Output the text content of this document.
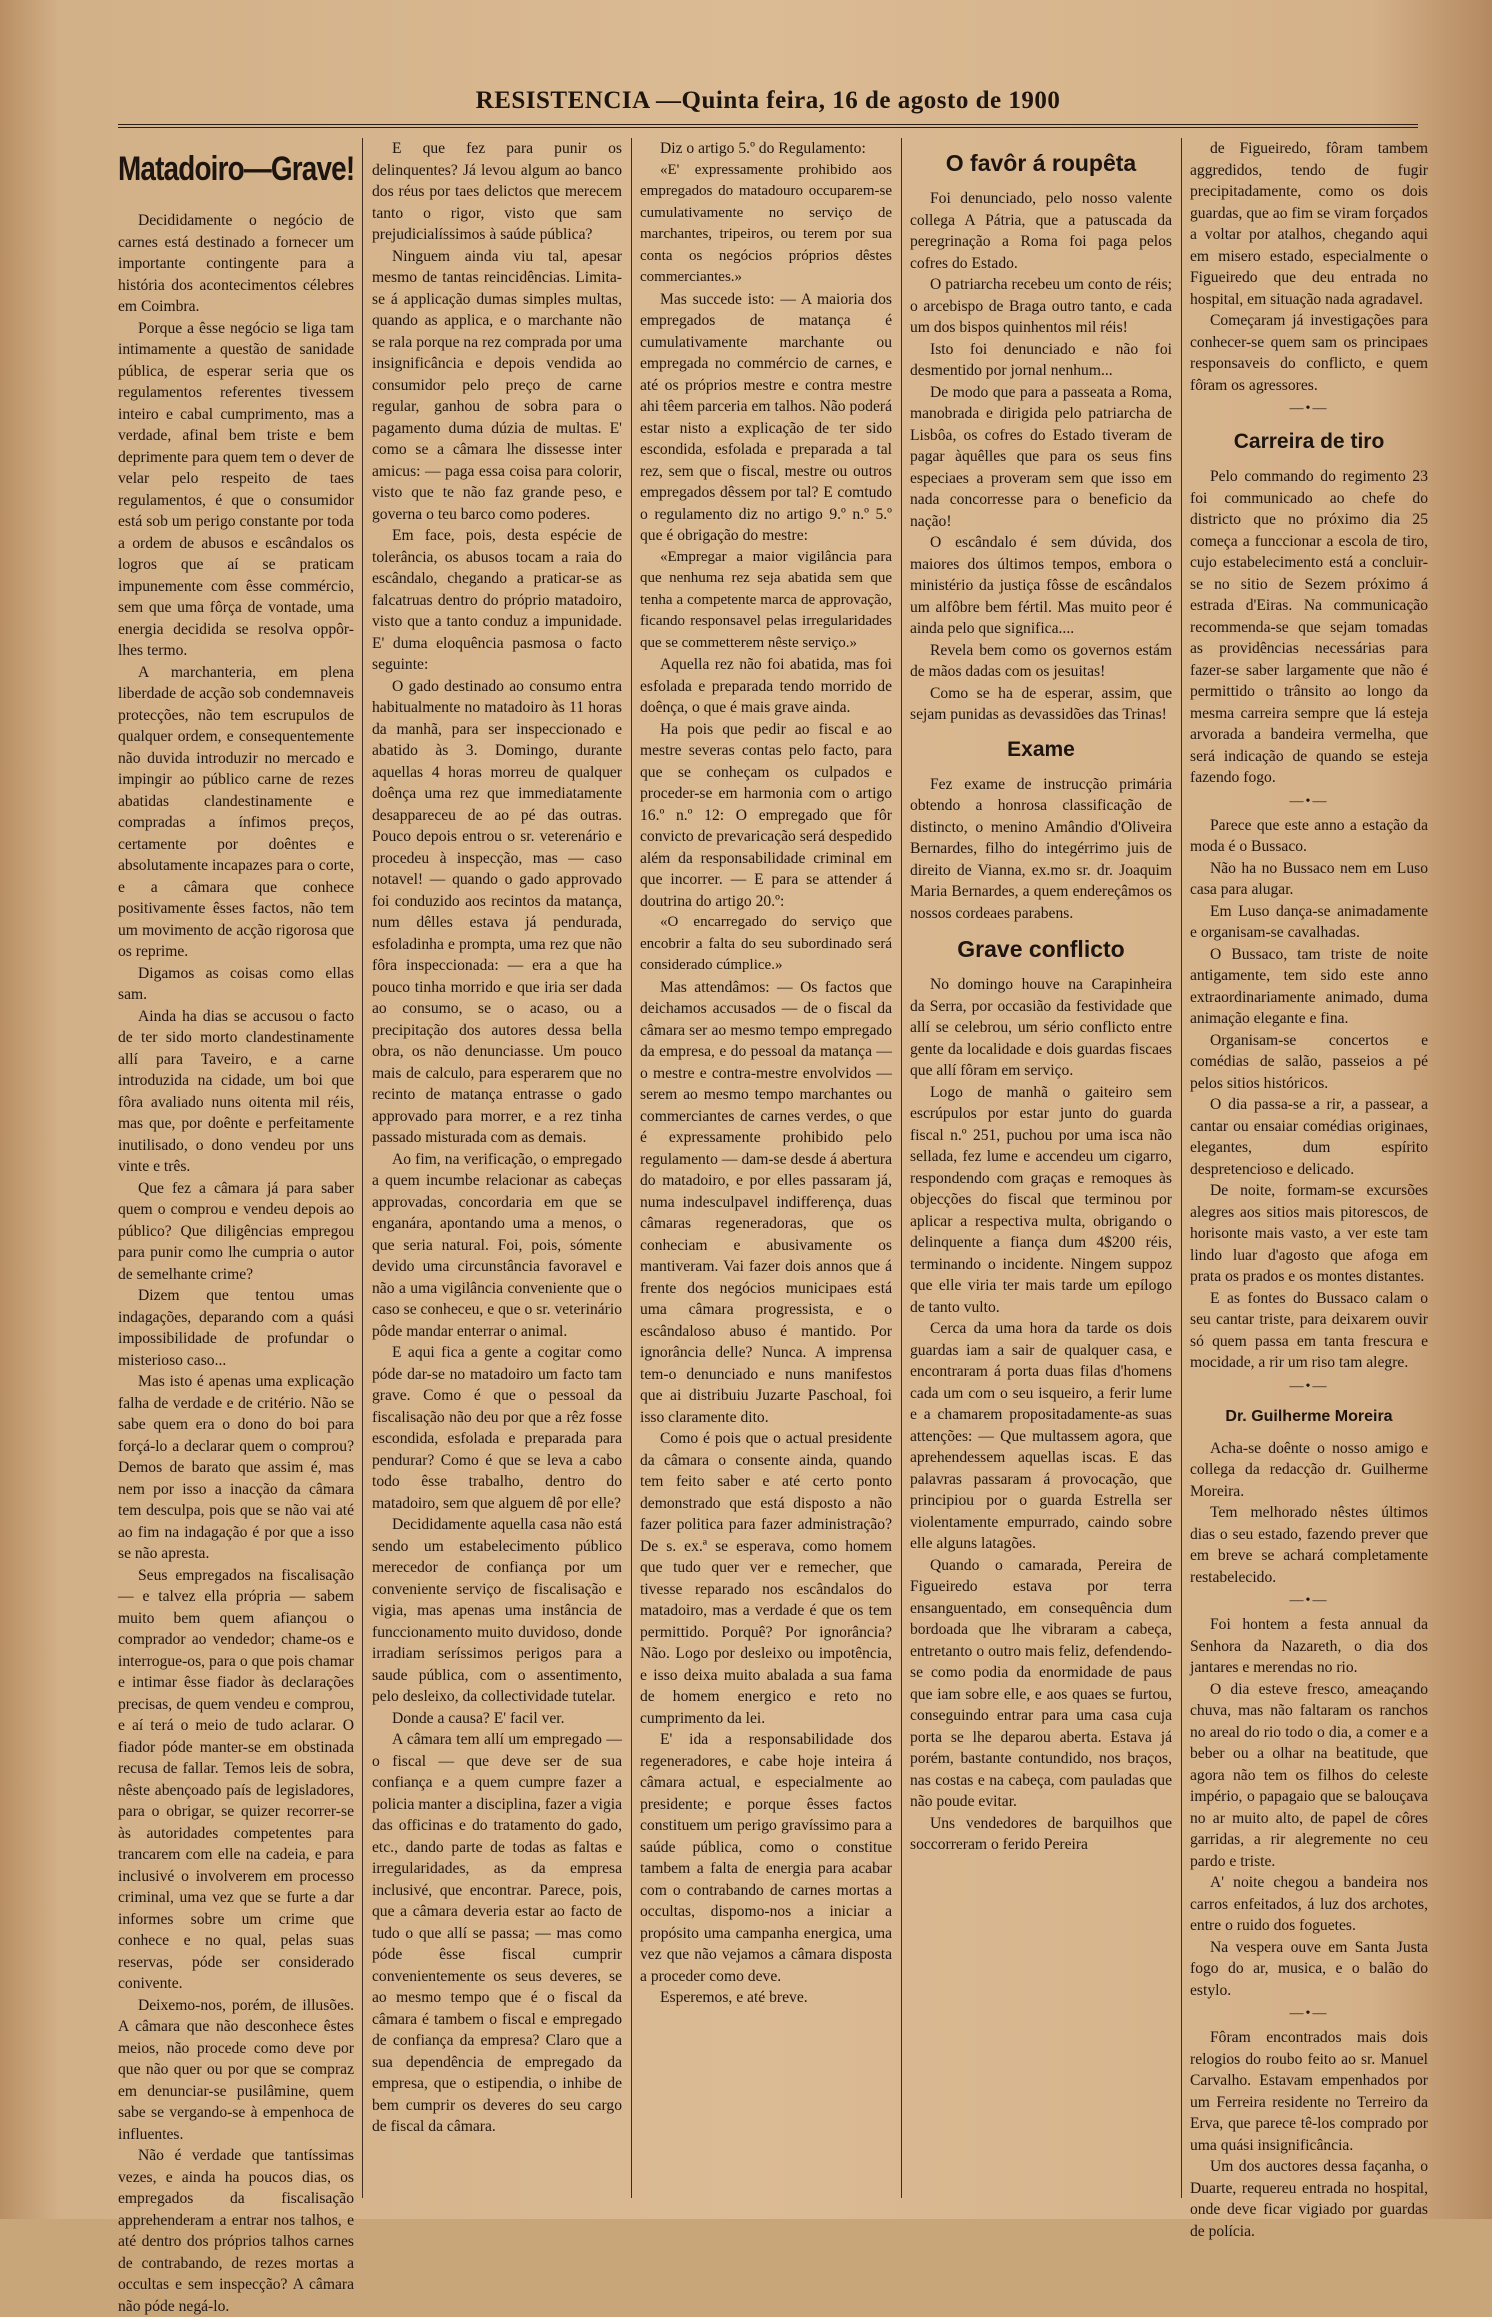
RESISTENCIA —Quinta feira, 16 de agosto de 1900
Matadoiro—Grave!

Decididamente o negócio de carnes está destinado a fornecer um importante contingente para a história dos acontecimentos célebres em Coimbra.

Porque a êsse negócio se liga tam intimamente a questão de sanidade pública, de esperar seria que os regulamentos referentes tivessem inteiro e cabal cumprimento, mas a verdade, afinal bem triste e bem deprimente para quem tem o dever de velar pelo respeito de taes regulamentos, é que o consumidor está sob um perigo constante por toda a ordem de abusos e escândalos os logros que aí se praticam impunemente com êsse commércio, sem que uma fôrça de vontade, uma energia decidida se resolva oppôr-lhes termo.

A marchanteria, em plena liberdade de acção sob condemnaveis protecções, não tem escrupulos de qualquer ordem, e consequentemente não duvida introduzir no mercado e impingir ao público carne de rezes abatidas clandestinamente e compradas a ínfimos preços, certamente por doêntes e absolutamente incapazes para o corte, e a câmara que conhece positivamente êsses factos, não tem um movimento de acção rigorosa que os reprime.

Digamos as coisas como ellas sam.

Ainda ha dias se accusou o facto de ter sido morto clandestinamente allí para Taveiro, e a carne introduzida na cidade, um boi que fôra avaliado nuns oitenta mil réis, mas que, por doênte e perfeitamente inutilisado, o dono vendeu por uns vinte e três.

Que fez a câmara já para saber quem o comprou e vendeu depois ao público? Que diligências empregou para punir como lhe cumpria o autor de semelhante crime?

Dizem que tentou umas indagações, deparando com a quási impossibilidade de profundar o misterioso caso...

Mas isto é apenas uma explicação falha de verdade e de critério. Não se sabe quem era o dono do boi para forçá-lo a declarar quem o comprou? Demos de barato que assim é, mas nem por isso a inacção da câmara tem desculpa, pois que se não vai até ao fim na indagação é por que a isso se não apresta.

Seus empregados na fiscalisação — e talvez ella própria — sabem muito bem quem afiançou o comprador ao vendedor; chame-os e interrogue-os, para o que pois chamar e intimar êsse fiador às declarações precisas, de quem vendeu e comprou, e aí terá o meio de tudo aclarar. O fiador póde manter-se em obstinada recusa de fallar. Temos leis de sobra, nêste abençoado país de legisladores, para o obrigar, se quizer recorrer-se às autoridades competentes para trancarem com elle na cadeia, e para inclusivé o involverem em processo criminal, uma vez que se furte a dar informes sobre um crime que conhece e no qual, pelas suas reservas, póde ser considerado conivente.

Deixemo-nos, porém, de illusões. A câmara que não desconhece êstes meios, não procede como deve por que não quer ou por que se compraz em denunciar-se pusilâmine, quem sabe se vergando-se à empenhoca de influentes.

Não é verdade que tantíssimas vezes, e ainda ha poucos dias, os empregados da fiscalisação apprehenderam a entrar nos talhos, e até dentro dos próprios talhos carnes de contrabando, de rezes mortas a occultas e sem inspecção? A câmara não póde negá-lo.

E que fez para punir os delinquentes? Já levou algum ao banco dos réus por taes delictos que merecem tanto o rigor, visto que sam prejudicialíssimos à saúde pública?

Ninguem ainda viu tal, apesar mesmo de tantas reincidências. Limita-se á applicação dumas simples multas, quando as applica, e o marchante não se rala porque na rez comprada por uma insignificância e depois vendida ao consumidor pelo preço de carne regular, ganhou de sobra para o pagamento duma dúzia de multas. E' como se a câmara lhe dissesse inter amicus: — paga essa coisa para colorir, visto que te não faz grande peso, e governa o teu barco como poderes.

Em face, pois, desta espécie de tolerância, os abusos tocam a raia do escândalo, chegando a praticar-se as falcatruas dentro do próprio matadoiro, visto que a tanto conduz a impunidade. E' duma eloquência pasmosa o facto seguinte:

O gado destinado ao consumo entra habitualmente no matadoiro às 11 horas da manhã, para ser inspeccionado e abatido às 3. Domingo, durante aquellas 4 horas morreu de qualquer doênça uma rez que immediatamente desappareceu de ao pé das outras. Pouco depois entrou o sr. veterenário e procedeu à inspecção, mas — caso notavel! — quando o gado approvado foi conduzido aos recintos da matança, num dêlles estava já pendurada, esfoladinha e prompta, uma rez que não fôra inspeccionada: — era a que ha pouco tinha morrido e que iria ser dada ao consumo, se o acaso, ou a precipitação dos autores dessa bella obra, os não denunciasse. Um pouco mais de calculo, para esperarem que no recinto de matança entrasse o gado approvado para morrer, e a rez tinha passado misturada com as demais.

Ao fim, na verificação, o empregado a quem incumbe relacionar as cabeças approvadas, concordaria em que se enganára, apontando uma a menos, o que seria natural. Foi, pois, sómente devido uma circunstância favoravel e não a uma vigilância conveniente que o caso se conheceu, e que o sr. veterinário pôde mandar enterrar o animal.

E aqui fica a gente a cogitar como póde dar-se no matadoiro um facto tam grave. Como é que o pessoal da fiscalisação não deu por que a rêz fosse escondida, esfolada e preparada para pendurar? Como é que se leva a cabo todo êsse trabalho, dentro do matadoiro, sem que alguem dê por elle?

Decididamente aquella casa não está sendo um estabelecimento público merecedor de confiança por um conveniente serviço de fiscalisação e vigia, mas apenas uma instância de funccionamento muito duvidoso, donde irradiam seríssimos perigos para a saude pública, com o assentimento, pelo desleixo, da collectividade tutelar.

Donde a causa? E' facil ver.

A câmara tem allí um empregado — o fiscal — que deve ser de sua confiança e a quem cumpre fazer a policia manter a disciplina, fazer a vigia das officinas e do tratamento do gado, etc., dando parte de todas as faltas e irregularidades, as da empresa inclusivé, que encontrar. Parece, pois, que a câmara deveria estar ao facto de tudo o que allí se passa; — mas como póde êsse fiscal cumprir convenientemente os seus deveres, se ao mesmo tempo que é o fiscal da câmara é tambem o fiscal e empregado de confiança da empresa? Claro que a sua dependência de empregado da empresa, que o estipendia, o inhibe de bem cumprir os deveres do seu cargo de fiscal da câmara.

Diz o artigo 5.º do Regulamento:

«E' expressamente prohibido aos empregados do matadouro occuparem-se cumulativamente no serviço de marchantes, tripeiros, ou terem por sua conta os negócios próprios dêstes commerciantes.»

Mas succede isto: — A maioria dos empregados de matança é cumulativamente marchante ou empregada no commércio de carnes, e até os próprios mestre e contra mestre ahi têem parceria em talhos. Não poderá estar nisto a explicação de ter sido escondida, esfolada e preparada a tal rez, sem que o fiscal, mestre ou outros empregados dêssem por tal? E comtudo o regulamento diz no artigo 9.º n.º 5.º que é obrigação do mestre:

«Empregar a maior vigilância para que nenhuma rez seja abatida sem que tenha a competente marca de approvação, ficando responsavel pelas irregularidades que se commetterem nêste serviço.»

Aquella rez não foi abatida, mas foi esfolada e preparada tendo morrido de doênça, o que é mais grave ainda.

Ha pois que pedir ao fiscal e ao mestre severas contas pelo facto, para que se conheçam os culpados e proceder-se em harmonia com o artigo 16.º n.º 12: O empregado que fôr convicto de prevaricação será despedido além da responsabilidade criminal em que incorrer. — E para se attender á doutrina do artigo 20.º:

«O encarregado do serviço que encobrir a falta do seu subordinado será considerado cúmplice.»

Mas attendâmos: — Os factos que deichamos accusados — de o fiscal da câmara ser ao mesmo tempo empregado da empresa, e do pessoal da matança — o mestre e contra-mestre envolvidos — serem ao mesmo tempo marchantes ou commerciantes de carnes verdes, o que é expressamente prohibido pelo regulamento — dam-se desde á abertura do matadoiro, e por elles passaram já, numa indesculpavel indifferença, duas câmaras regeneradoras, que os conheciam e abusivamente os mantiveram. Vai fazer dois annos que á frente dos negócios municipaes está uma câmara progressista, e o escândaloso abuso é mantido. Por ignorância delle? Nunca. A imprensa tem-o denunciado e nuns manifestos que ai distribuiu Juzarte Paschoal, foi isso claramente dito.

Como é pois que o actual presidente da câmara o consente ainda, quando tem feito saber e até certo ponto demonstrado que está disposto a não fazer politica para fazer administração? De s. ex.ª se esperava, como homem que tudo quer ver e remecher, que tivesse reparado nos escândalos do matadoiro, mas a verdade é que os tem permittido. Porquê? Por ignorância? Não. Logo por desleixo ou impotência, e isso deixa muito abalada a sua fama de homem energico e reto no cumprimento da lei.

E' ida a responsabilidade dos regeneradores, e cabe hoje inteira á câmara actual, e especialmente ao presidente; e porque êsses factos constituem um perigo gravíssimo para a saúde pública, como o constitue tambem a falta de energia para acabar com o contrabando de carnes mortas a occultas, dispomo-nos a iniciar a propósito uma campanha energica, uma vez que não vejamos a câmara disposta a proceder como deve.

Esperemos, e até breve.

O favôr á roupêta

Foi denunciado, pelo nosso valente collega A Pátria, que a patuscada da peregrinação a Roma foi paga pelos cofres do Estado.

O patriarcha recebeu um conto de réis; o arcebispo de Braga outro tanto, e cada um dos bispos quinhentos mil réis!

Isto foi denunciado e não foi desmentido por jornal nenhum...

De modo que para a passeata a Roma, manobrada e dirigida pelo patriarcha de Lisbôa, os cofres do Estado tiveram de pagar àquêlles que para os seus fins especiaes a proveram sem que isso em nada concorresse para o beneficio da nação!

O escândalo é sem dúvida, dos maiores dos últimos tempos, embora o ministério da justiça fôsse de escândalos um alfôbre bem fértil. Mas muito peor é ainda pelo que significa....

Revela bem como os governos estám de mãos dadas com os jesuitas!

Como se ha de esperar, assim, que sejam punidas as devassidões das Trinas!

Exame

Fez exame de instrucção primária obtendo a honrosa classificação de distincto, o menino Amândio d'Oliveira Bernardes, filho do integérrimo juis de direito de Vianna, ex.mo sr. dr. Joaquim Maria Bernardes, a quem endereçâmos os nossos cordeaes parabens.

Grave conflicto

No domingo houve na Carapinheira da Serra, por occasião da festividade que allí se celebrou, um sério conflicto entre gente da localidade e dois guardas fiscaes que allí fôram em serviço.

Logo de manhã o gaiteiro sem escrúpulos por estar junto do guarda fiscal n.º 251, puchou por uma isca não sellada, fez lume e accendeu um cigarro, respondendo com graças e remoques às objecções do fiscal que terminou por aplicar a respectiva multa, obrigando o delinquente a fiança dum 4$200 réis, terminando o incidente. Ningem suppoz que elle viria ter mais tarde um epílogo de tanto vulto.

Cerca da uma hora da tarde os dois guardas iam a sair de qualquer casa, e encontraram á porta duas filas d'homens cada um com o seu isqueiro, a ferir lume e a chamarem propositadamente-as suas attenções: — Que multassem agora, que aprehendessem aquellas iscas. E das palavras passaram á provocação, que principiou por o guarda Estrella ser violentamente empurrado, caindo sobre elle alguns latagões.

Quando o camarada, Pereira de Figueiredo estava por terra ensanguentado, em consequência dum bordoada que lhe vibraram a cabeça, entretanto o outro mais feliz, defendendo-se como podia da enormidade de paus que iam sobre elle, e aos quaes se furtou, conseguindo entrar para uma casa cuja porta se lhe deparou aberta. Estava já porém, bastante contundido, nos braços, nas costas e na cabeça, com pauladas que não poude evitar.

Uns vendedores de barquilhos que soccorreram o ferido Pereira

de Figueiredo, fôram tambem aggredidos, tendo de fugir precipitadamente, como os dois guardas, que ao fim se viram forçados a voltar por atalhos, chegando aqui em misero estado, especialmente o Figueiredo que deu entrada no hospital, em situação nada agradavel.

Começaram já investigações para conhecer-se quem sam os principaes responsaveis do conflicto, e quem fôram os agressores.

—•—
Carreira de tiro

Pelo commando do regimento 23 foi communicado ao chefe do districto que no próximo dia 25 começa a funccionar a escola de tiro, cujo estabelecimento está a concluir-se no sitio de Sezem próximo á estrada d'Eiras. Na communicação recommenda-se que sejam tomadas as providências necessárias para fazer-se saber largamente que não é permittido o trânsito ao longo da mesma carreira sempre que lá esteja arvorada a bandeira vermelha, que será indicação de quando se esteja fazendo fogo.

—•—

Parece que este anno a estação da moda é o Bussaco.

Não ha no Bussaco nem em Luso casa para alugar.

Em Luso dança-se animadamente e organisam-se cavalhadas.

O Bussaco, tam triste de noite antigamente, tem sido este anno extraordinariamente animado, duma animação elegante e fina.

Organisam-se concertos e comédias de salão, passeios a pé pelos sitios históricos.

O dia passa-se a rir, a passear, a cantar ou ensaiar comédias originaes, elegantes, dum espírito despretencioso e delicado.

De noite, formam-se excursões alegres aos sitios mais pitorescos, de horisonte mais vasto, a ver este tam lindo luar d'agosto que afoga em prata os prados e os montes distantes.

E as fontes do Bussaco calam o seu cantar triste, para deixarem ouvir só quem passa em tanta frescura e mocidade, a rir um riso tam alegre.

—•—
Dr. Guilherme Moreira

Acha-se doênte o nosso amigo e collega da redacção dr. Guilherme Moreira.

Tem melhorado nêstes últimos dias o seu estado, fazendo prever que em breve se achará completamente restabelecido.

—•—

Foi hontem a festa annual da Senhora da Nazareth, o dia dos jantares e merendas no rio.

O dia esteve fresco, ameaçando chuva, mas não faltaram os ranchos no areal do rio todo o dia, a comer e a beber ou a olhar na beatitude, que agora não tem os filhos do celeste império, o papagaio que se balouçava no ar muito alto, de papel de côres garridas, a rir alegremente no ceu pardo e triste.

A' noite chegou a bandeira nos carros enfeitados, á luz dos archotes, entre o ruido dos foguetes.

Na vespera ouve em Santa Justa fogo do ar, musica, e o balão do estylo.

—•—

Fôram encontrados mais dois relogios do roubo feito ao sr. Manuel Carvalho. Estavam empenhados por um Ferreira residente no Terreiro da Erva, que parece tê-los comprado por uma quási insignificância.

Um dos auctores dessa façanha, o Duarte, requereu entrada no hospital, onde deve ficar vigiado por guardas de polícia.
